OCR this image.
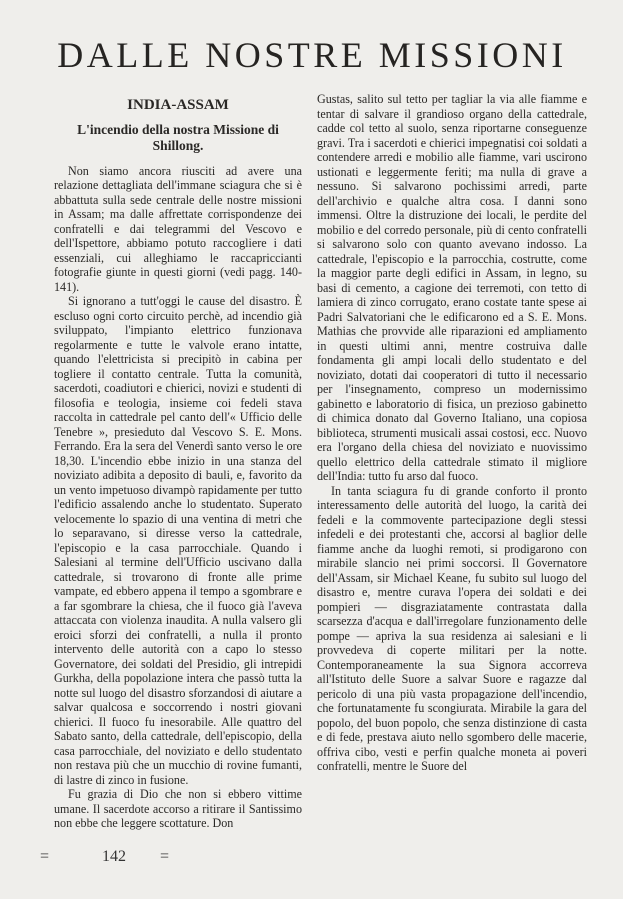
DALLE NOSTRE MISSIONI
INDIA-ASSAM
L'incendio della nostra Missione di Shillong.

Non siamo ancora riusciti ad avere una relazione dettagliata dell'immane sciagura che si è abbattuta sulla sede centrale delle nostre missioni in Assam; ma dalle affrettate corrispondenze dei confratelli e dai telegrammi del Vescovo e dell'Ispettore, abbiamo potuto raccogliere i dati essenziali, cui alleghiamo le raccapriccianti fotografie giunte in questi giorni (vedi pagg. 140-141).

Si ignorano a tutt'oggi le cause del disastro. È escluso ogni corto circuito perchè, ad incendio già sviluppato, l'impianto elettrico funzionava regolarmente e tutte le valvole erano intatte, quando l'elettricista si precipitò in cabina per togliere il contatto centrale. Tutta la comunità, sacerdoti, coadiutori e chierici, novizi e studenti di filosofia e teologia, insieme coi fedeli stava raccolta in cattedrale pel canto dell'« Ufficio delle Tenebre », presieduto dal Vescovo S. E. Mons. Ferrando. Era la sera del Venerdì santo verso le ore 18,30. L'incendio ebbe inizio in una stanza del noviziato adibita a deposito di bauli, e, favorito da un vento impetuoso divampò rapidamente per tutto l'edificio assalendo anche lo studentato. Superato velocemente lo spazio di una ventina di metri che lo separavano, si diresse verso la cattedrale, l'episcopio e la casa parrocchiale. Quando i Salesiani al termine dell'Ufficio uscivano dalla cattedrale, si trovarono di fronte alle prime vampate, ed ebbero appena il tempo a sgombrare e a far sgombrare la chiesa, che il fuoco già l'aveva attaccata con violenza inaudita. A nulla valsero gli eroici sforzi dei confratelli, a nulla il pronto intervento delle autorità con a capo lo stesso Governatore, dei soldati del Presidio, gli intrepidi Gurkha, della popolazione intera che passò tutta la notte sul luogo del disastro sforzandosi di aiutare a salvar qualcosa e soccorrendo i nostri giovani chierici. Il fuoco fu inesorabile. Alle quattro del Sabato santo, della cattedrale, dell'episcopio, della casa parrocchiale, del noviziato e dello studentato non restava più che un mucchio di rovine fumanti, di lastre di zinco in fusione.

Fu grazia di Dio che non si ebbero vittime umane. Il sacerdote accorso a ritirare il Santissimo non ebbe che leggere scottature. Don

Gustas, salito sul tetto per tagliar la via alle fiamme e tentar di salvare il grandioso organo della cattedrale, cadde col tetto al suolo, senza riportarne conseguenze gravi. Tra i sacerdoti e chierici impegnatisi coi soldati a contendere arredi e mobilio alle fiamme, vari uscirono ustionati e leggermente feriti; ma nulla di grave a nessuno. Si salvarono pochissimi arredi, parte dell'archivio e qualche altra cosa. I danni sono immensi. Oltre la distruzione dei locali, le perdite del mobilio e del corredo personale, più di cento confratelli si salvarono solo con quanto avevano indosso. La cattedrale, l'episcopio e la parrocchia, costrutte, come la maggior parte degli edifici in Assam, in legno, su basi di cemento, a cagione dei terremoti, con tetto di lamiera di zinco corrugato, erano costate tante spese ai Padri Salvatoriani che le edificarono ed a S. E. Mons. Mathias che provvide alle riparazioni ed ampliamento in questi ultimi anni, mentre costruiva dalle fondamenta gli ampi locali dello studentato e del noviziato, dotati dai cooperatori di tutto il necessario per l'insegnamento, compreso un modernissimo gabinetto e laboratorio di fisica, un prezioso gabinetto di chimica donato dal Governo Italiano, una copiosa biblioteca, strumenti musicali assai costosi, ecc. Nuovo era l'organo della chiesa del noviziato e nuovissimo quello elettrico della cattedrale stimato il migliore dell'India: tutto fu arso dal fuoco.

In tanta sciagura fu di grande conforto il pronto interessamento delle autorità del luogo, la carità dei fedeli e la commovente partecipazione degli stessi infedeli e dei protestanti che, accorsi al baglior delle fiamme anche da luoghi remoti, si prodigarono con mirabile slancio nei primi soccorsi. Il Governatore dell'Assam, sir Michael Keane, fu subito sul luogo del disastro e, mentre curava l'opera dei soldati e dei pompieri — disgraziatamente contrastata dalla scarsezza d'acqua e dall'irregolare funzionamento delle pompe — apriva la sua residenza ai salesiani e li provvedeva di coperte militari per la notte. Contemporaneamente la sua Signora accorreva all'Istituto delle Suore a salvar Suore e ragazze dal pericolo di una più vasta propagazione dell'incendio, che fortunatamente fu scongiurata. Mirabile la gara del popolo, del buon popolo, che senza distinzione di casta e di fede, prestava aiuto nello sgombero delle macerie, offriva cibo, vesti e perfin qualche moneta ai poveri confratelli, mentre le Suore del

=	142 =
